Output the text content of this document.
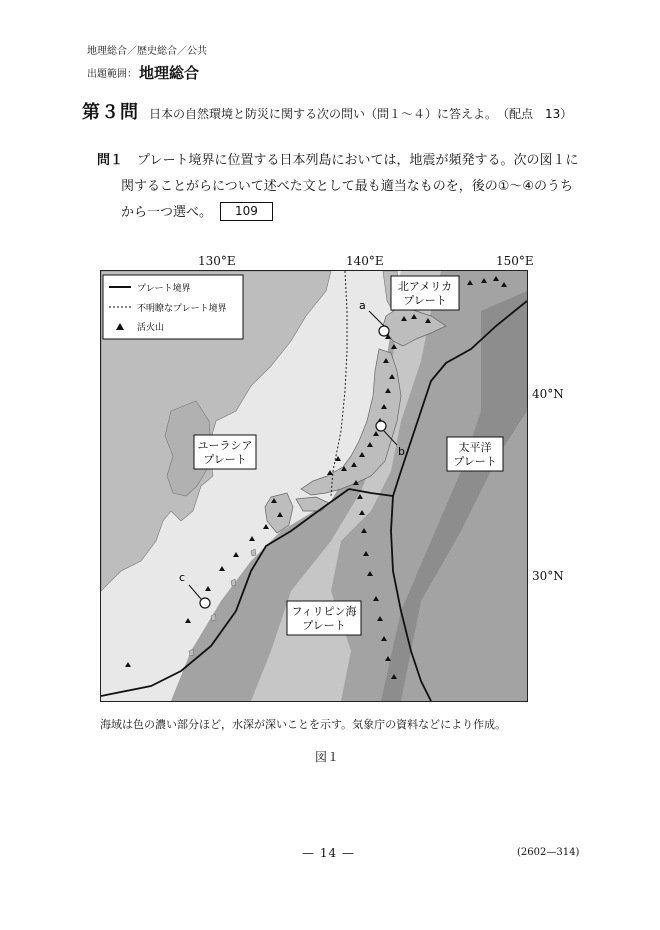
地理総合／歴史総合／公共
出題範囲： 地理総合
第３問 日本の自然環境と防災に関する次の問い（問１～４）に答えよ。 （配点　13）
問１ プレート境界に位置する日本列島においては，地震が頻発する。次の図１に
関することがらについて述べた文として最も適当なものを，後の①～④のうち
から一つ選べ。 109
130°E	140°E	150°E
40°N
30°N
a
b
c
北アメリカ
プレート
ユーラシア
プレート
太平洋
プレート
フィリピン海
プレート
プレート境界
不明瞭なプレート境界
活火山
海域は色の濃い部分ほど，水深が深いことを示す。気象庁の資料などにより作成。
図１
— 14 —	(2602—314)
